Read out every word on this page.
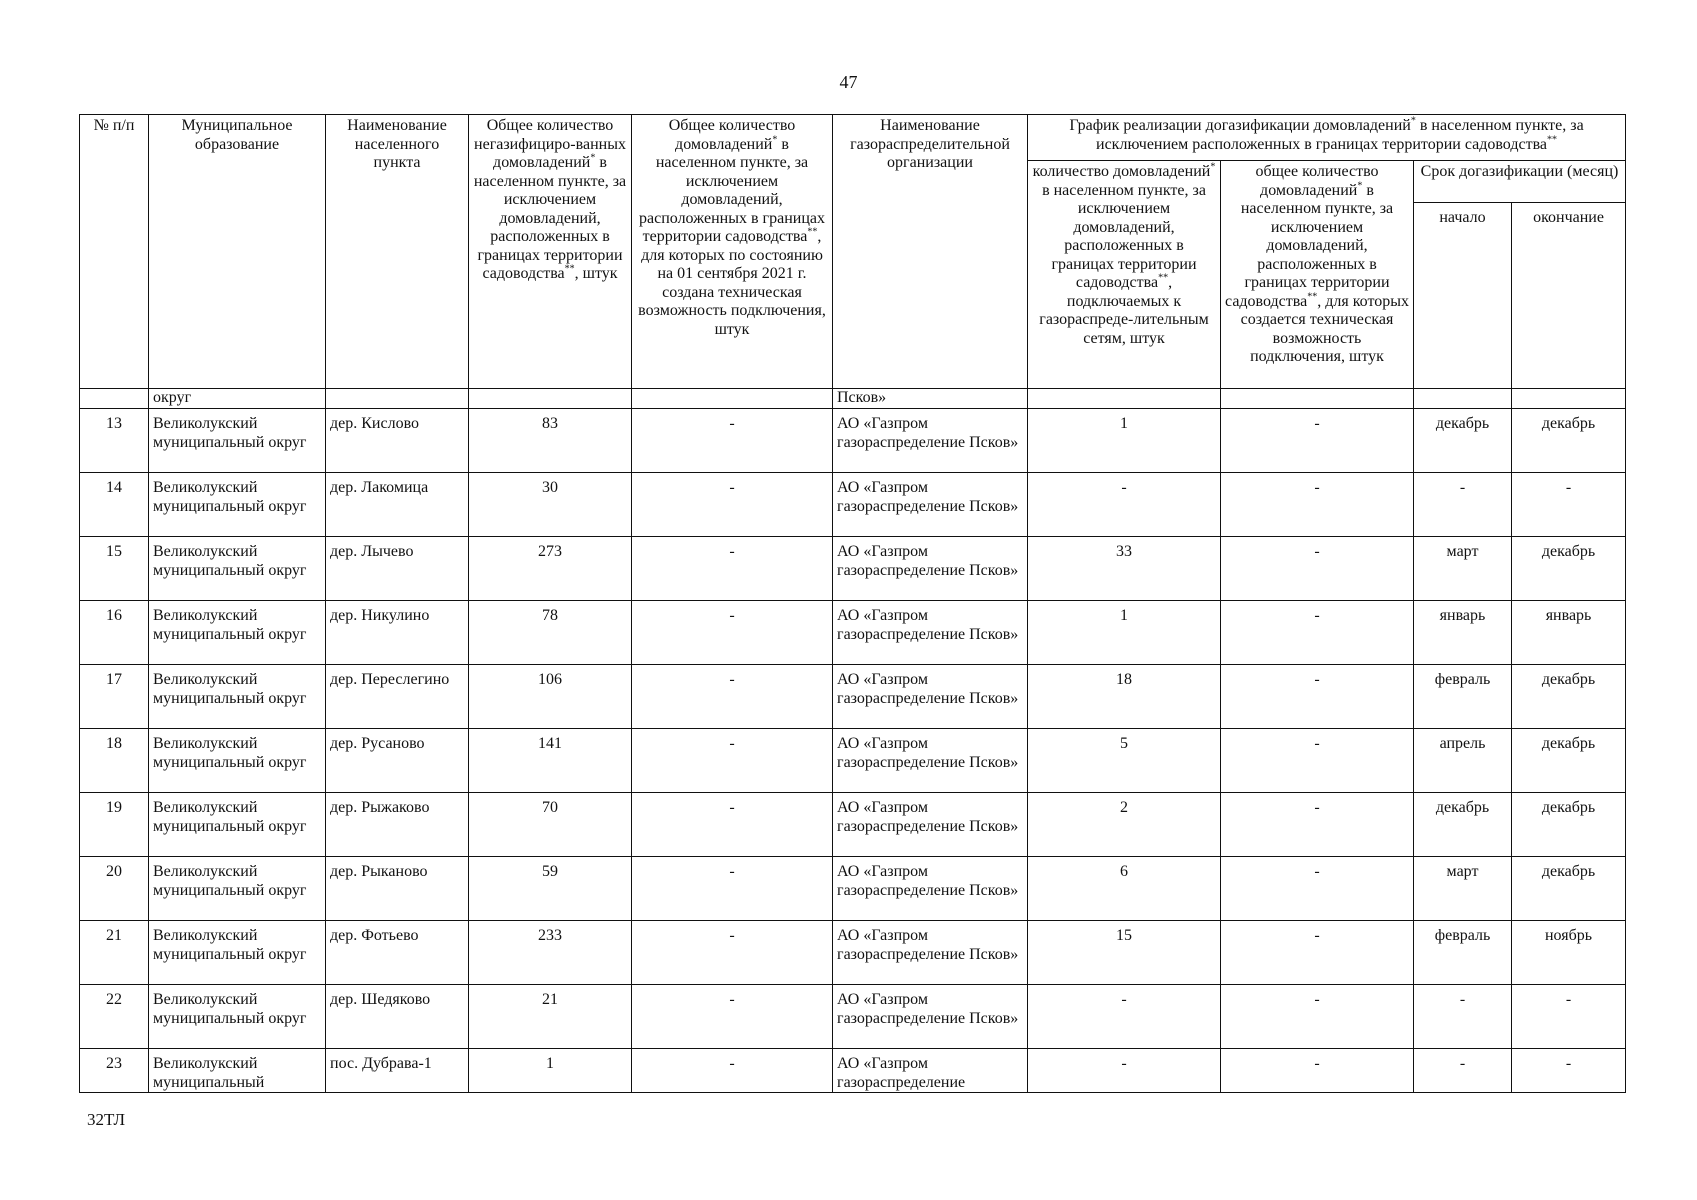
47
№ п/п	Муниципальное образование	Наименование населенного пункта	Общее количество негазифициро-ванных домовладений* в населенном пункте, за исключением домовладений, расположенных в границах территории садоводства**, штук	Общее количество домовладений* в населенном пункте, за исключением домовладений, расположенных в границах территории садоводства**, для которых по состоянию на 01 сентября 2021 г. создана техническая возможность подключения, штук	Наименование газораспределительной организации	График реализации догазификации домовладений* в населенном пункте, за исключением расположенных в границах территории садоводства**
						количество домовладений* в населенном пункте, за исключением домовладений, расположенных в границах территории садоводства**, подключаемых к газораспреде-лительным сетям, штук	общее количество домовладений* в населенном пункте, за исключением домовладений, расположенных в границах территории садоводства**, для которых создается техническая возможность подключения, штук	Срок догазификации (месяц)	
								начало	окончание
	округ				Псков»				
13	Великолукский муниципальный округ	дер. Кислово	83	-	АО «Газпром газораспределение Псков»	1	-	декабрь	декабрь
14	Великолукский муниципальный округ	дер. Лакомица	30	-	АО «Газпром газораспределение Псков»	-	-	-	-
15	Великолукский муниципальный округ	дер. Лычево	273	-	АО «Газпром газораспределение Псков»	33	-	март	декабрь
16	Великолукский муниципальный округ	дер. Никулино	78	-	АО «Газпром газораспределение Псков»	1	-	январь	январь
17	Великолукский муниципальный округ	дер. Переслегино	106	-	АО «Газпром газораспределение Псков»	18	-	февраль	декабрь
18	Великолукский муниципальный округ	дер. Русаново	141	-	АО «Газпром газораспределение Псков»	5	-	апрель	декабрь
19	Великолукский муниципальный округ	дер. Рыжаково	70	-	АО «Газпром газораспределение Псков»	2	-	декабрь	декабрь
20	Великолукский муниципальный округ	дер. Рыканово	59	-	АО «Газпром газораспределение Псков»	6	-	март	декабрь
21	Великолукский муниципальный округ	дер. Фотьево	233	-	АО «Газпром газораспределение Псков»	15	-	февраль	ноябрь
22	Великолукский муниципальный округ	дер. Шедяково	21	-	АО «Газпром газораспределение Псков»	-	-	-	-
23	Великолукский муниципальный	пос. Дубрава-1	1	-	АО «Газпром газораспределение	-	-	-	-
32ТЛ
